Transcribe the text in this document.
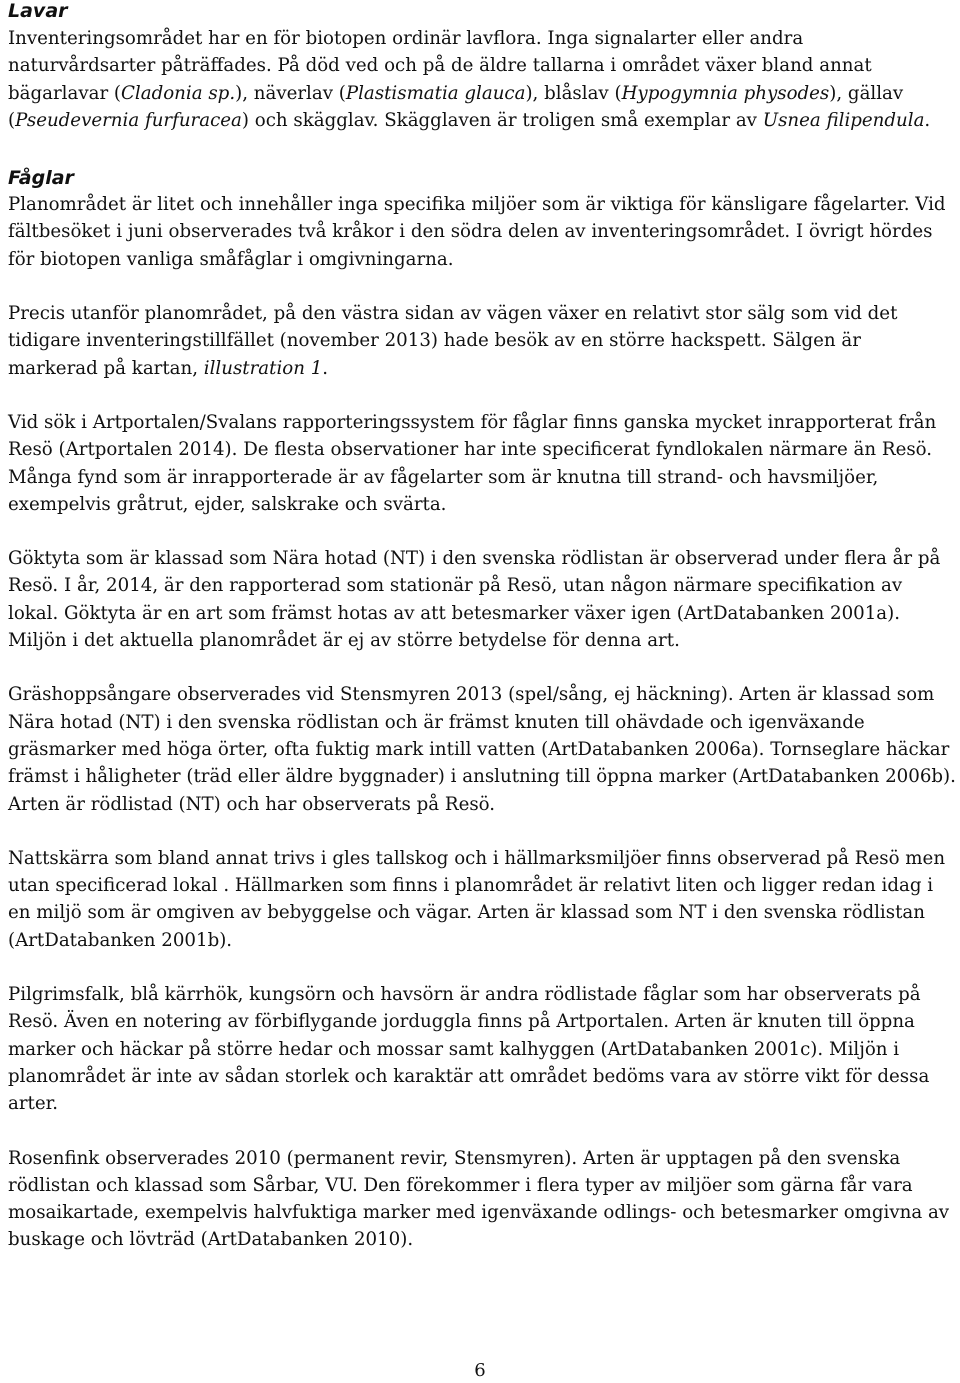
Lavar

Inventeringsområdet har en för biotopen ordinär lavflora. Inga signalarter eller andra naturvårdsarter påträffades. På död ved och på de äldre tallarna i området växer bland annat bägarlavar (Cladonia sp.), näverlav (Plastismatia glauca), blåslav (Hypogymnia physodes), gällav (Pseudevernia furfuracea) och skägglav. Skägglaven är troligen små exemplar av Usnea filipendula.

Fåglar

Planområdet är litet och innehåller inga specifika miljöer som är viktiga för känsligare fågelarter. Vid fältbesöket i juni observerades två kråkor i den södra delen av inventeringsområdet. I övrigt hördes för biotopen vanliga småfåglar i omgivningarna.

Precis utanför planområdet, på den västra sidan av vägen växer en relativt stor sälg som vid det tidigare inventeringstillfället (november 2013) hade besök av en större hackspett. Sälgen är markerad på kartan, illustration 1.

Vid sök i Artportalen/Svalans rapporteringssystem för fåglar finns ganska mycket inrapporterat från Resö (Artportalen 2014). De flesta observationer har inte specificerat fyndlokalen närmare än Resö. Många fynd som är inrapporterade är av fågelarter som är knutna till strand- och havsmiljöer, exempelvis gråtrut, ejder, salskrake och svärta.

Göktyta som är klassad som Nära hotad (NT) i den svenska rödlistan är observerad under flera år på Resö. I år, 2014, är den rapporterad som stationär på Resö, utan någon närmare specifikation av lokal. Göktyta är en art som främst hotas av att betesmarker växer igen (ArtDatabanken 2001a). Miljön i det aktuella planområdet är ej av större betydelse för denna art.

Gräshoppsångare observerades vid Stensmyren 2013 (spel/sång, ej häckning). Arten är klassad som Nära hotad (NT) i den svenska rödlistan och är främst knuten till ohävdade och igenväxande gräsmarker med höga örter, ofta fuktig mark intill vatten (ArtDatabanken 2006a). Tornseglare häckar främst i håligheter (träd eller äldre byggnader) i anslutning till öppna marker (ArtDatabanken 2006b). Arten är rödlistad (NT) och har observerats på Resö.

Nattskärra som bland annat trivs i gles tallskog och i hällmarksmiljöer finns observerad på Resö men utan specificerad lokal . Hällmarken som finns i planområdet är relativt liten och ligger redan idag i en miljö som är omgiven av bebyggelse och vägar. Arten är klassad som NT i den svenska rödlistan (ArtDatabanken 2001b).

Pilgrimsfalk, blå kärrhök, kungsörn och havsörn är andra rödlistade fåglar som har observerats på Resö. Även en notering av förbiflygande jordugglа finns på Artportalen. Arten är knuten till öppna marker och häckar på större hedar och mossar samt kalhyggen (ArtDatabanken 2001c). Miljön i planområdet är inte av sådan storlek och karaktär att området bedöms vara av större vikt för dessa arter.

Rosenfink observerades 2010 (permanent revir, Stensmyren). Arten är upptagen på den svenska rödlistan och klassad som Sårbar, VU. Den förekommer i flera typer av miljöer som gärna får vara mosaikartade, exempelvis halvfuktiga marker med igenväxande odlings- och betesmarker omgivna av buskage och lövträd (ArtDatabanken 2010).

6
